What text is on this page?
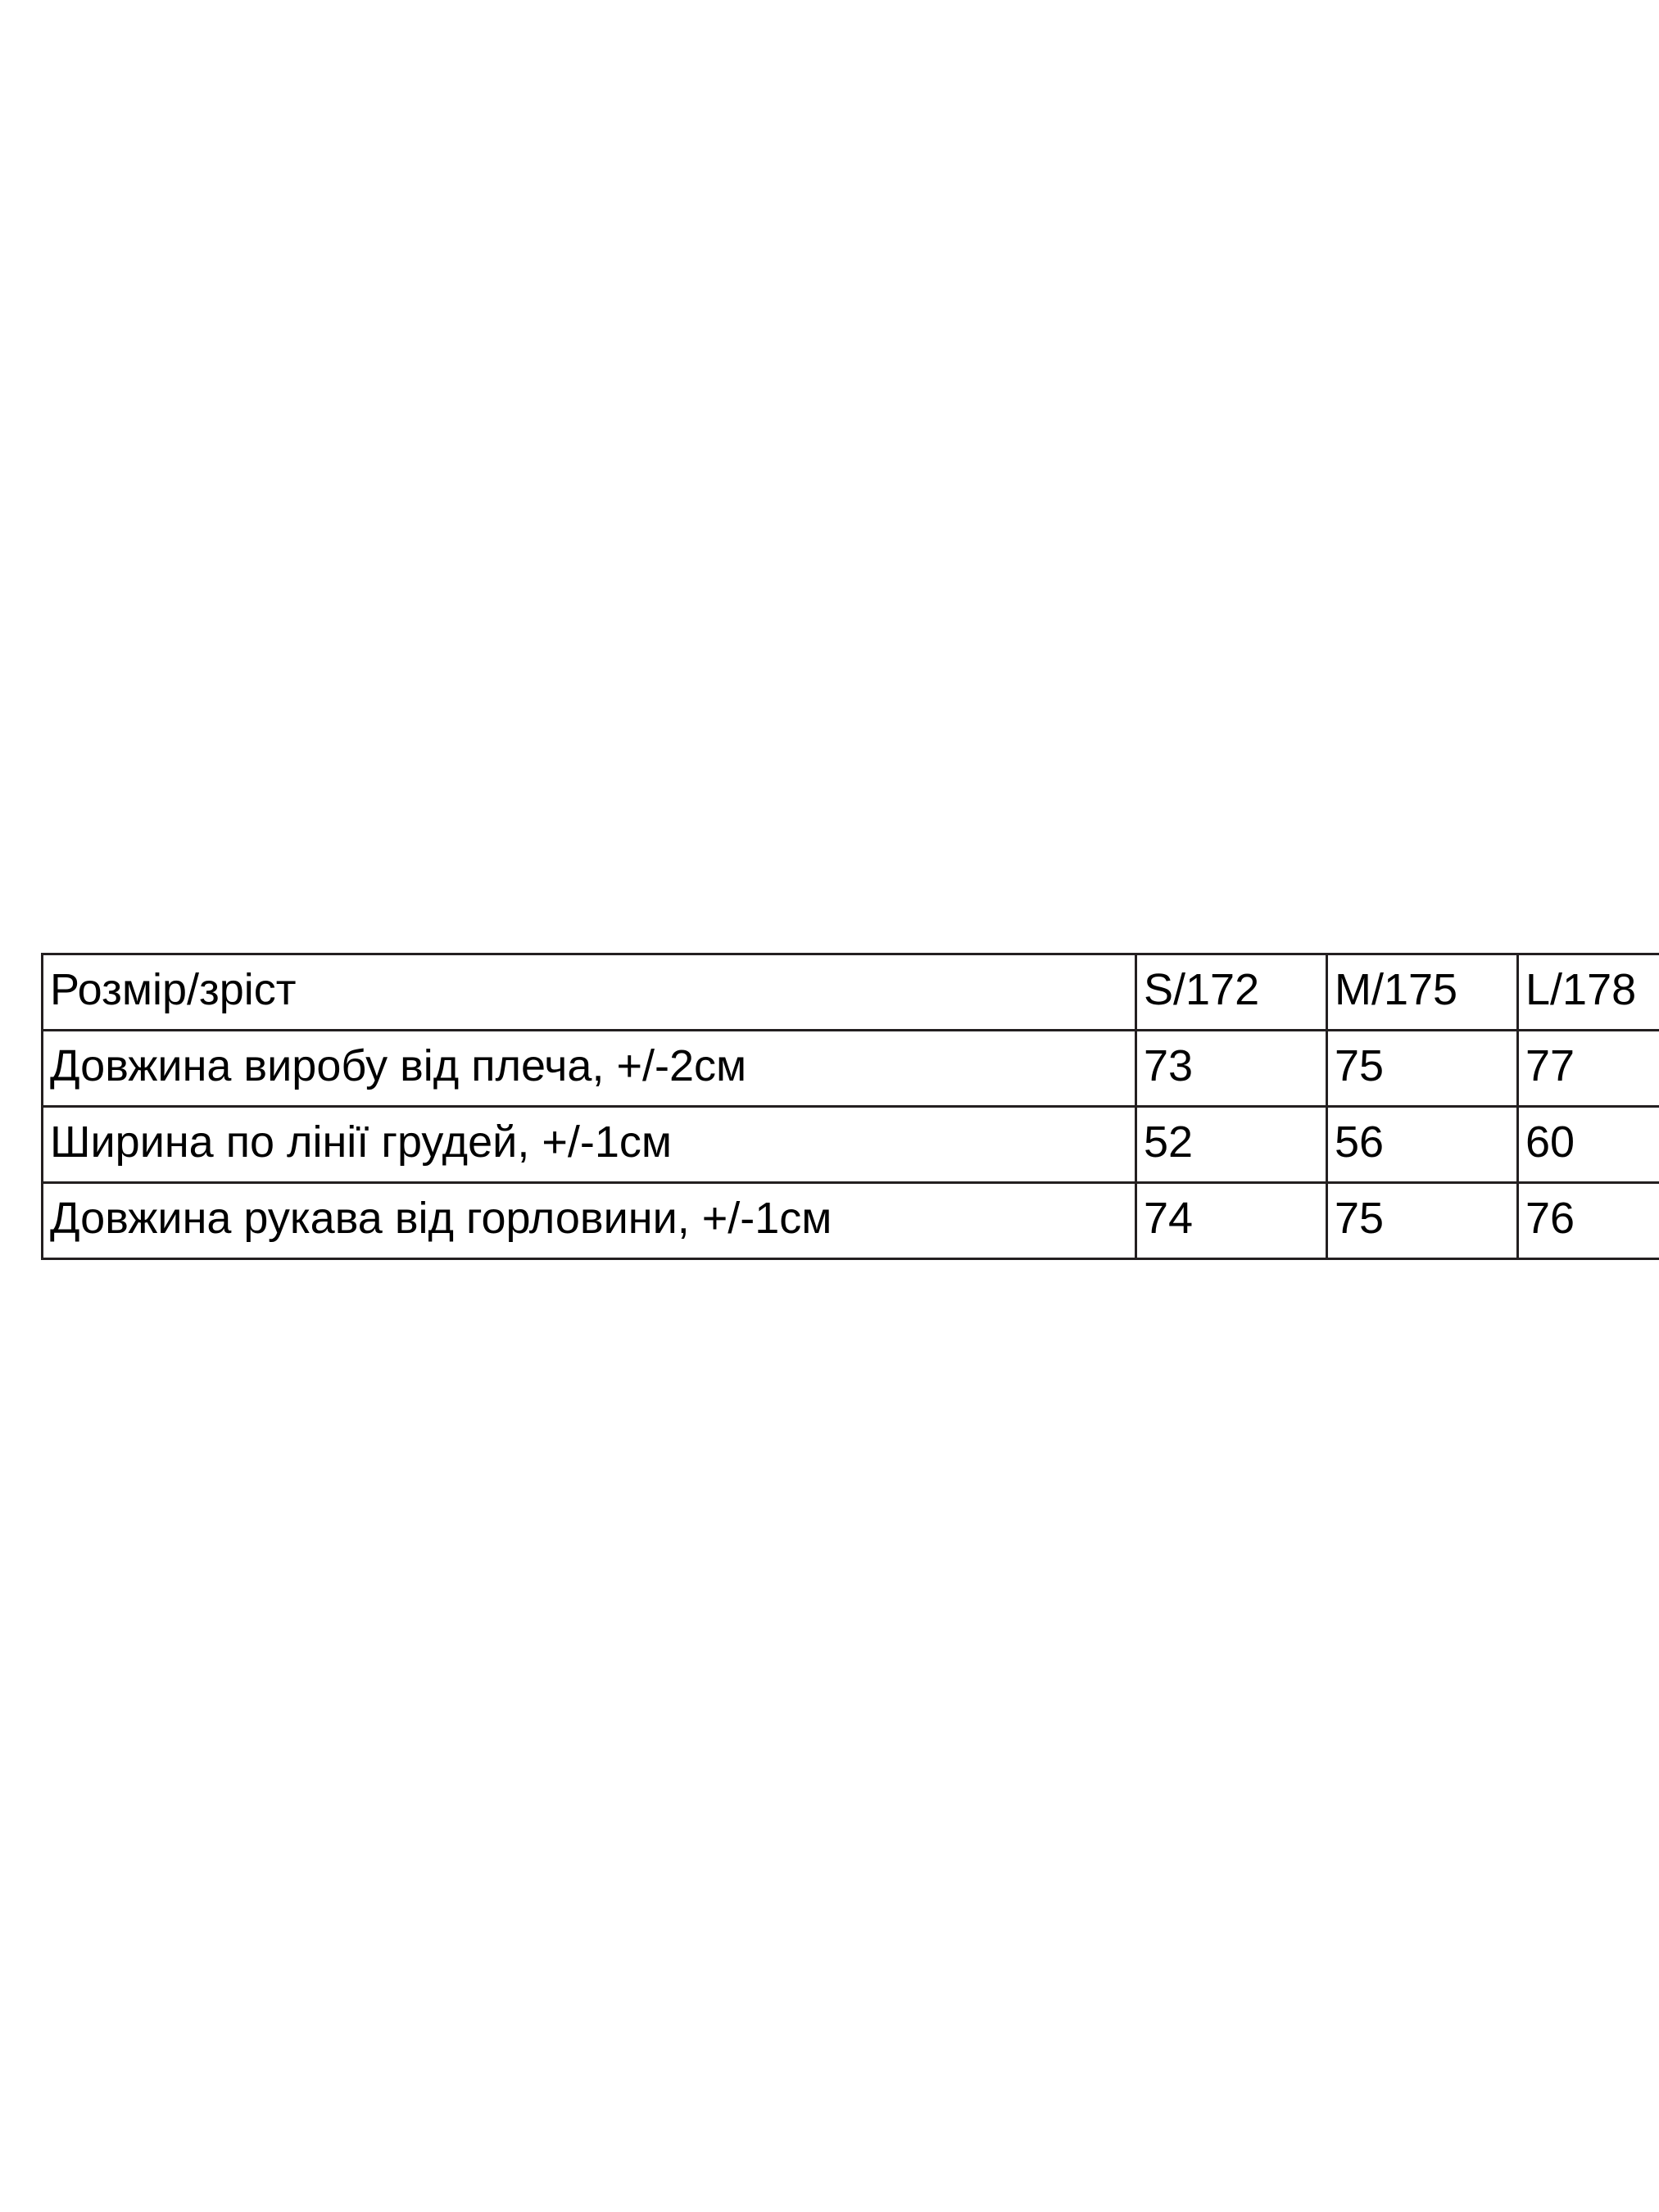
Розмір/зріст	S/172	M/175	L/178
Довжина виробу від плеча, +/-2см	73	75	77
Ширина по лінії грудей, +/-1см	52	56	60
Довжина рукава від горловини, +/-1см	74	75	76
